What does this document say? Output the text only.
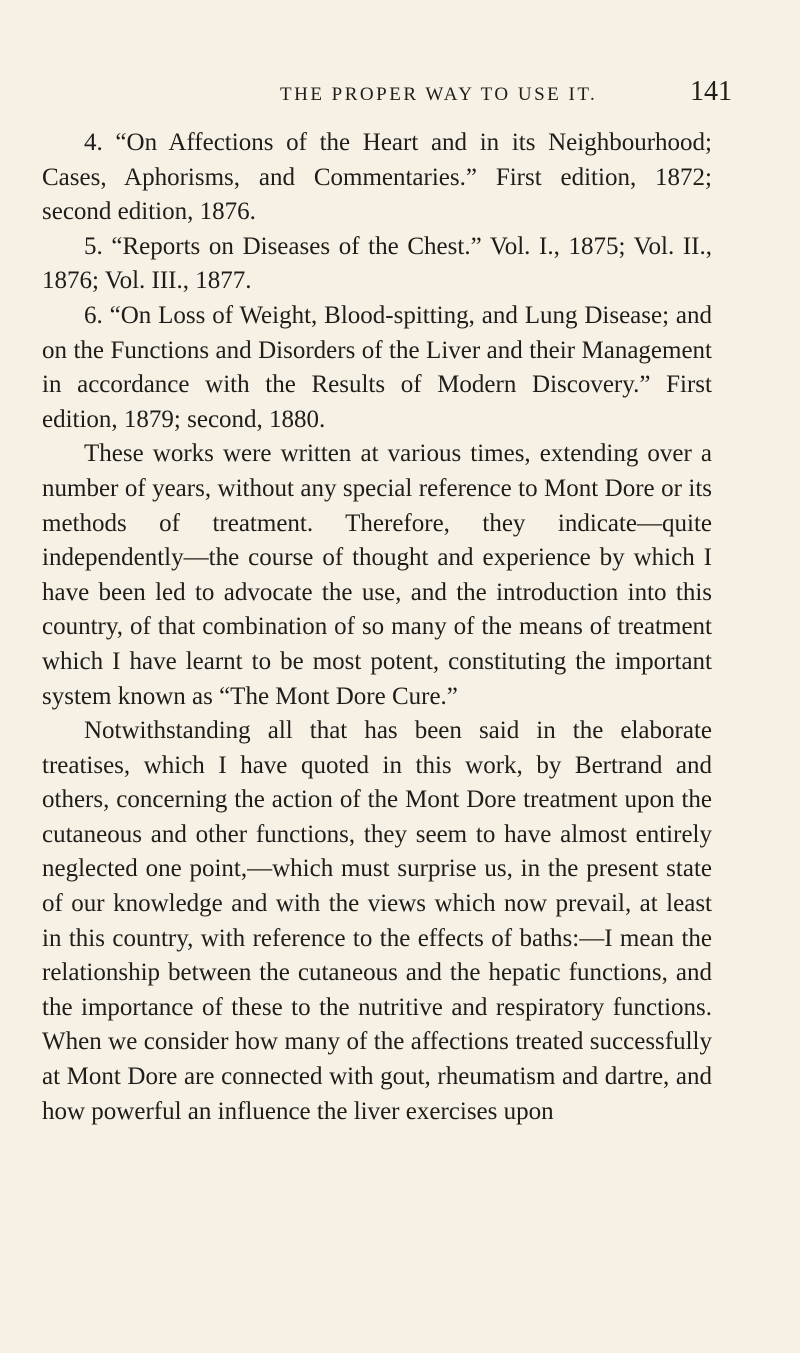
THE PROPER WAY TO USE IT.	141

4. “On Affections of the Heart and in its Neighbourhood; Cases, Aphorisms, and Commentaries.” First edition, 1872; second edition, 1876.

5. “Reports on Diseases of the Chest.” Vol. I., 1875; Vol. II., 1876; Vol. III., 1877.

6. “On Loss of Weight, Blood-spitting, and Lung Disease; and on the Functions and Disorders of the Liver and their Management in accordance with the Results of Modern Discovery.” First edition, 1879; second, 1880.

These works were written at various times, extending over a number of years, without any special reference to Mont Dore or its methods of treatment. Therefore, they indicate—quite independently—the course of thought and experience by which I have been led to advocate the use, and the introduction into this country, of that combination of so many of the means of treatment which I have learnt to be most potent, constituting the important system known as “The Mont Dore Cure.”

Notwithstanding all that has been said in the elaborate treatises, which I have quoted in this work, by Bertrand and others, concerning the action of the Mont Dore treatment upon the cutaneous and other functions, they seem to have almost entirely neglected one point,—which must surprise us, in the present state of our knowledge and with the views which now prevail, at least in this country, with reference to the effects of baths:—I mean the relationship between the cutaneous and the hepatic functions, and the importance of these to the nutritive and respiratory functions. When we consider how many of the affections treated successfully at Mont Dore are connected with gout, rheumatism and dartre, and how powerful an influence the liver exercises upon
